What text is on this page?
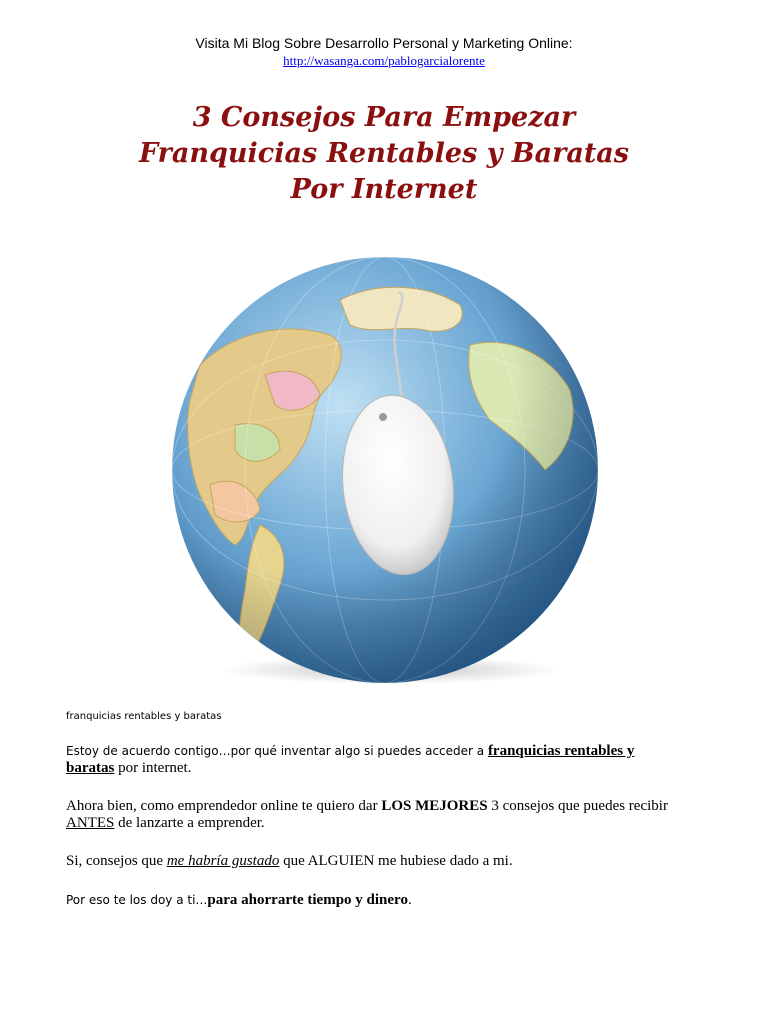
Visita Mi Blog Sobre Desarrollo Personal y Marketing Online:
http://wasanga.com/pablogarcialorente
3 Consejos Para Empezar
Franquicias Rentables y Baratas
Por Internet
franquicias rentables y baratas
Estoy de acuerdo contigo…por qué inventar algo si puedes acceder a franquicias rentables y
baratas por internet.
Ahora bien, como emprendedor online te quiero dar LOS MEJORES 3 consejos que puedes recibir
ANTES de lanzarte a emprender.
Si, consejos que me habría gustado que ALGUIEN me hubiese dado a mi.
Por eso te los doy a ti…para ahorrarte tiempo y dinero.
